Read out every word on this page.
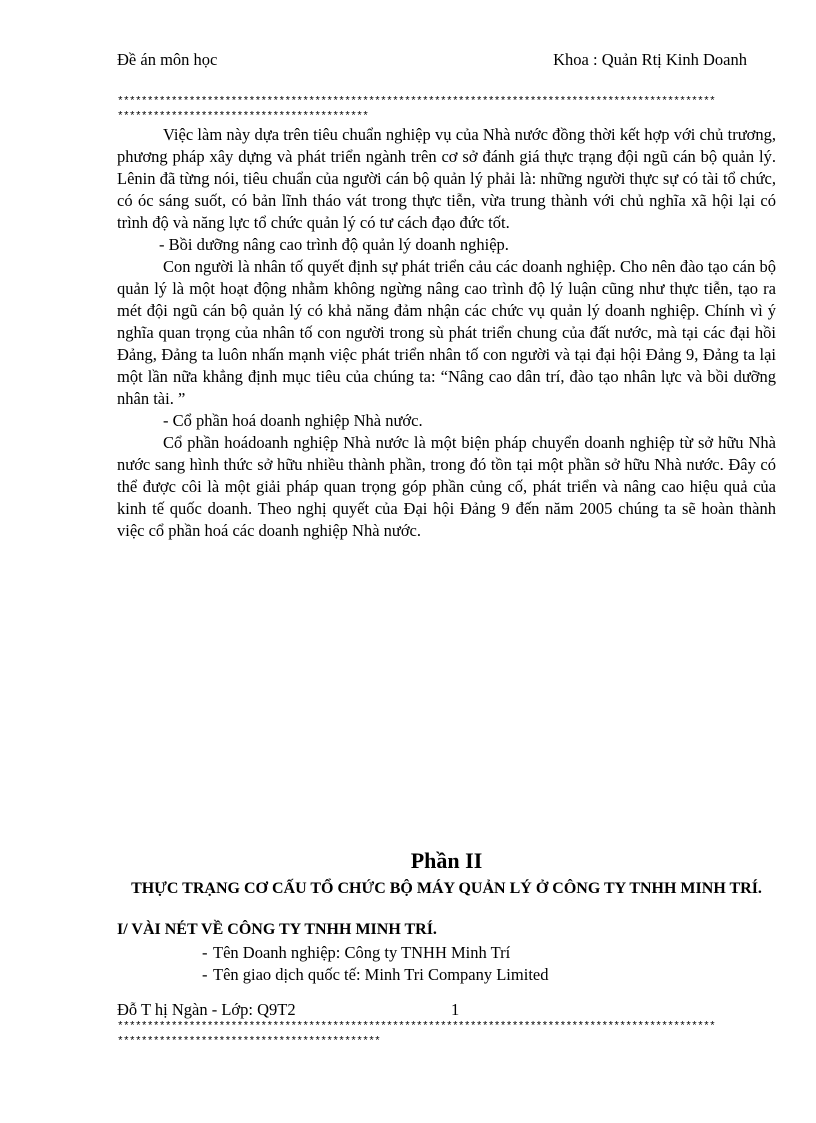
Đề án môn học	Khoa : Quản Rtị Kinh Doanh
****************************************************************************************************
******************************************

Việc làm này dựa trên tiêu chuẩn nghiệp vụ của Nhà nước đồng thời kết hợp với chủ trương, phương pháp xây dựng và phát triển ngành trên cơ sở đánh giá thực trạng đội ngũ cán bộ quản lý. Lênin đã từng nói, tiêu chuẩn của người cán bộ quản lý phải là: những người thực sự có tài tổ chức, có óc sáng suốt, có bản lĩnh tháo vát trong thực tiễn, vừa trung thành với chủ nghĩa xã hội lại có trình độ và năng lực tổ chức quản lý có tư cách đạo đức tốt.

- Bồi dưỡng nâng cao trình độ quản lý doanh nghiệp.

Con người là nhân tố quyết định sự phát triển cảu các doanh nghiệp. Cho nên đào tạo cán bộ quản lý là một hoạt động nhằm không ngừng nâng cao trình độ lý luận cũng như thực tiễn, tạo ra mét đội ngũ cán bộ quản lý có khả năng đảm nhận các chức vụ quản lý doanh nghiệp. Chính vì ý nghĩa quan trọng của nhân tố con người trong sù phát triển chung của đất nước, mà tại các đại hồi Đảng, Đảng ta luôn nhấn mạnh việc phát triển nhân tố con người và tại đại hội Đảng 9, Đảng ta lại một lần nữa khẳng định mục tiêu của chúng ta: “Nâng cao dân trí, đào tạo nhân lực và bồi dưỡng nhân tài. ”

- Cổ phần hoá doanh nghiệp Nhà nước.

Cổ phần hoádoanh nghiệp Nhà nước là một biện pháp chuyển doanh nghiệp từ sở hữu Nhà nước sang hình thức sở hữu nhiều thành phần, trong đó tồn tại một phần sở hữu Nhà nước. Đây có thể được côi là một giải pháp quan trọng góp phần củng cố, phát triển và nâng cao hiệu quả của kinh tế quốc doanh. Theo nghị quyết của Đại hội Đảng 9 đến năm 2005 chúng ta sẽ hoàn thành việc cổ phần hoá các doanh nghiệp Nhà nước.

Phần II
THỰC TRẠNG CƠ CẤU TỔ CHỨC BỘ MÁY QUẢN LÝ Ở CÔNG TY TNHH MINH TRÍ.
I/ VÀI NÉT VỀ CÔNG TY TNHH MINH TRÍ.
- Tên Doanh nghiệp: Công ty TNHH Minh Trí
- Tên giao dịch quốc tế: Minh Tri Company Limited
Đỗ T hị Ngàn - Lớp: Q9T2	1
****************************************************************************************************
********************************************
